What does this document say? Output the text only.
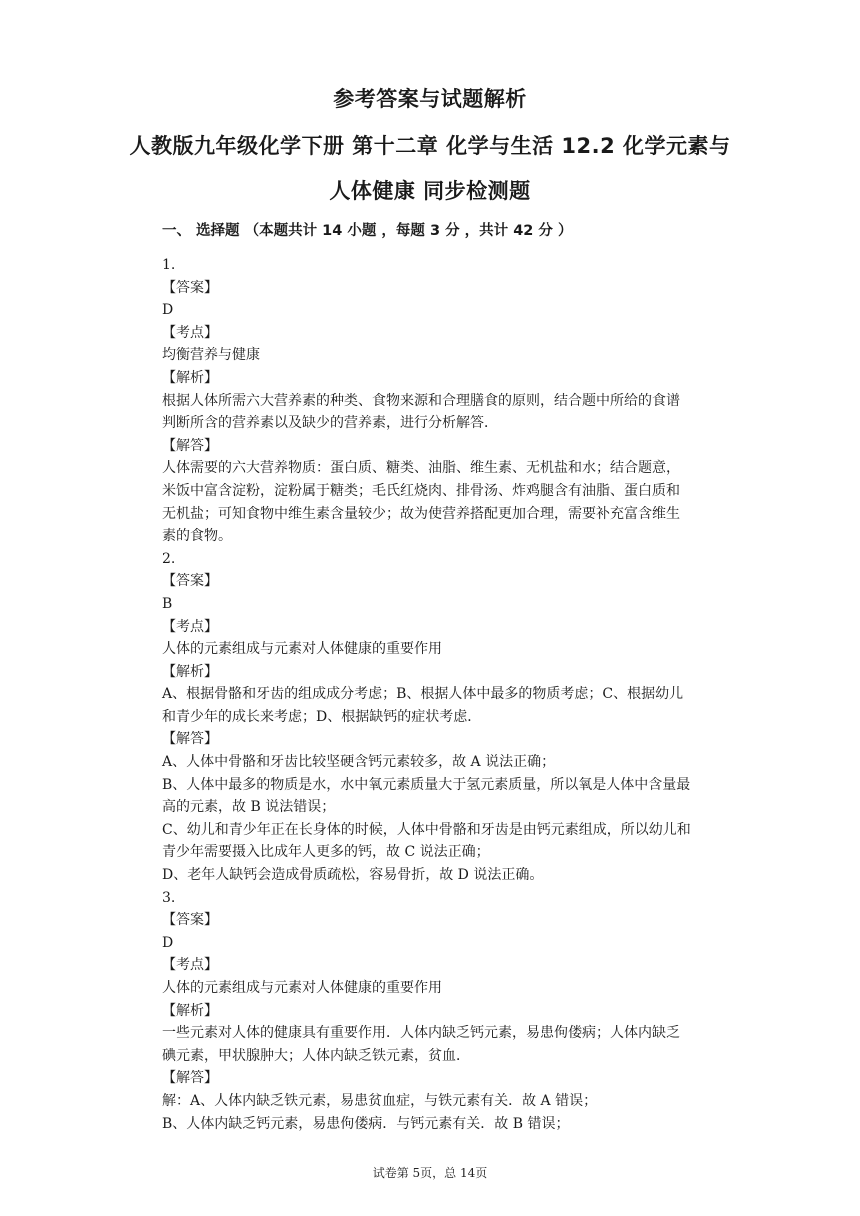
参考答案与试题解析
人教版九年级化学下册 第十二章 化学与生活 12.2 化学元素与
人体健康 同步检测题
一、 选择题 （本题共计 14 小题 ，每题 3 分 ，共计 42 分 ）
1.
【答案】
D
【考点】
均衡营养与健康
【解析】
根据人体所需六大营养素的种类、食物来源和合理膳食的原则，结合题中所给的食谱
判断所含的营养素以及缺少的营养素，进行分析解答．
【解答】
人体需要的六大营养物质：蛋白质、糖类、油脂、维生素、无机盐和水；结合题意，
米饭中富含淀粉，淀粉属于糖类；毛氏红烧肉、排骨汤、炸鸡腿含有油脂、蛋白质和
无机盐；可知食物中维生素含量较少；故为使营养搭配更加合理，需要补充富含维生
素的食物。
2.
【答案】
B
【考点】
人体的元素组成与元素对人体健康的重要作用
【解析】
A、根据骨骼和牙齿的组成成分考虑；B、根据人体中最多的物质考虑；C、根据幼儿
和青少年的成长来考虑；D、根据缺钙的症状考虑．
【解答】
A、人体中骨骼和牙齿比较坚硬含钙元素较多，故 A 说法正确；
B、人体中最多的物质是水，水中氧元素质量大于氢元素质量，所以氧是人体中含量最
高的元素，故 B 说法错误；
C、幼儿和青少年正在长身体的时候，人体中骨骼和牙齿是由钙元素组成，所以幼儿和
青少年需要摄入比成年人更多的钙，故 C 说法正确；
D、老年人缺钙会造成骨质疏松，容易骨折，故 D 说法正确。
3.
【答案】
D
【考点】
人体的元素组成与元素对人体健康的重要作用
【解析】
一些元素对人体的健康具有重要作用．人体内缺乏钙元素，易患佝偻病；人体内缺乏
碘元素，甲状腺肿大；人体内缺乏铁元素，贫血．
【解答】
解：A、人体内缺乏铁元素，易患贫血症，与铁元素有关．故 A 错误；
B、人体内缺乏钙元素，易患佝偻病．与钙元素有关．故 B 错误；
试卷第 5页，总 14页
